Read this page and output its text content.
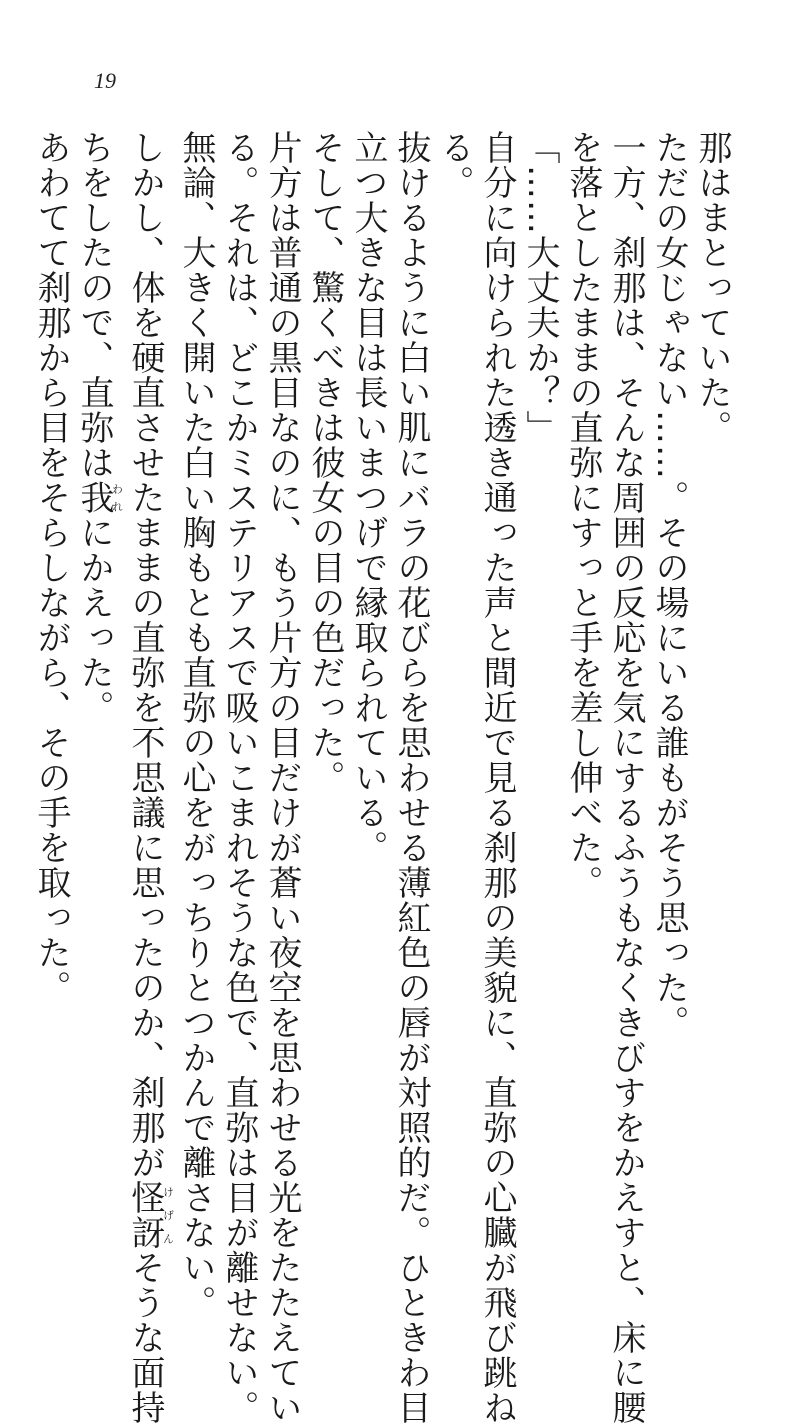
19
那はまとっていた。
ただの女じゃない……。その場にいる誰もがそう思った。
一方、刹那は、そんな周囲の反応を気にするふうもなくきびすをかえすと、床に腰
を落としたままの直弥にすっと手を差し伸べた。
「……大丈夫か？」
自分に向けられた透き通った声と間近で見る刹那の美貌に、直弥の心臓が飛び跳ね
る。
抜けるように白い肌にバラの花びらを思わせる薄紅色の唇が対照的だ。ひときわ目
立つ大きな目は長いまつげで縁取られている。
そして、驚くべきは彼女の目の色だった。
片方は普通の黒目なのに、もう片方の目だけが蒼い夜空を思わせる光をたたえてい
る。それは、どこかミステリアスで吸いこまれそうな色で、直弥は目が離せない。
無論、大きく開いた白い胸もとも直弥の心をがっちりとつかんで離さない。
しかし、体を硬直させたままの直弥を不思議に思ったのか、刹那が怪訝けげんそうな面持
ちをしたので、直弥は我われにかえった。
あわてて刹那から目をそらしながら、その手を取った。
